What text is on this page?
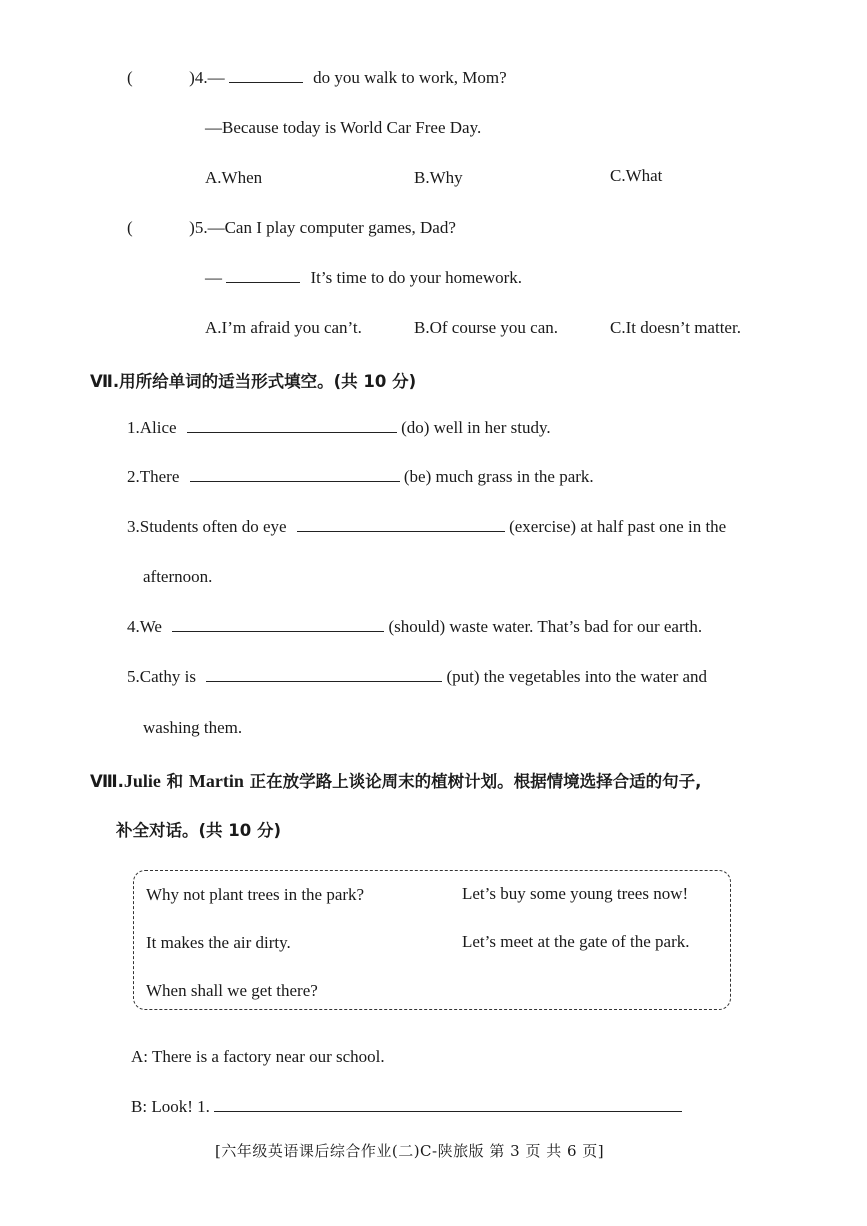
(	)4.—	do you walk to work, Mom?
—Because today is World Car Free Day.
A.When	B.Why	C.What
(	)5.—Can I play computer games, Dad?
—	It’s time to do your homework.
A.I’m afraid you can’t.	B.Of course you can.	C.It doesn’t matter.
Ⅶ.用所给单词的适当形式填空。(共 10 分)
1.Alice	(do) well in her study.
2.There	(be) much grass in the park.
3.Students often do eye	(exercise) at half past one in the
afternoon.
4.We	(should) waste water. That’s bad for our earth.
5.Cathy is	(put) the vegetables into the water and
washing them.
Ⅷ.Julie 和 Martin 正在放学路上谈论周末的植树计划。根据情境选择合适的句子,
补全对话。(共 10 分)
Why not plant trees in the park?	Let’s buy some young trees now!
It makes the air dirty.	Let’s meet at the gate of the park.
When shall we get there?
A: There is a factory near our school.
B: Look! 1.
[六年级英语课后综合作业(二)C-陕旅版 第 3 页 共 6 页]
